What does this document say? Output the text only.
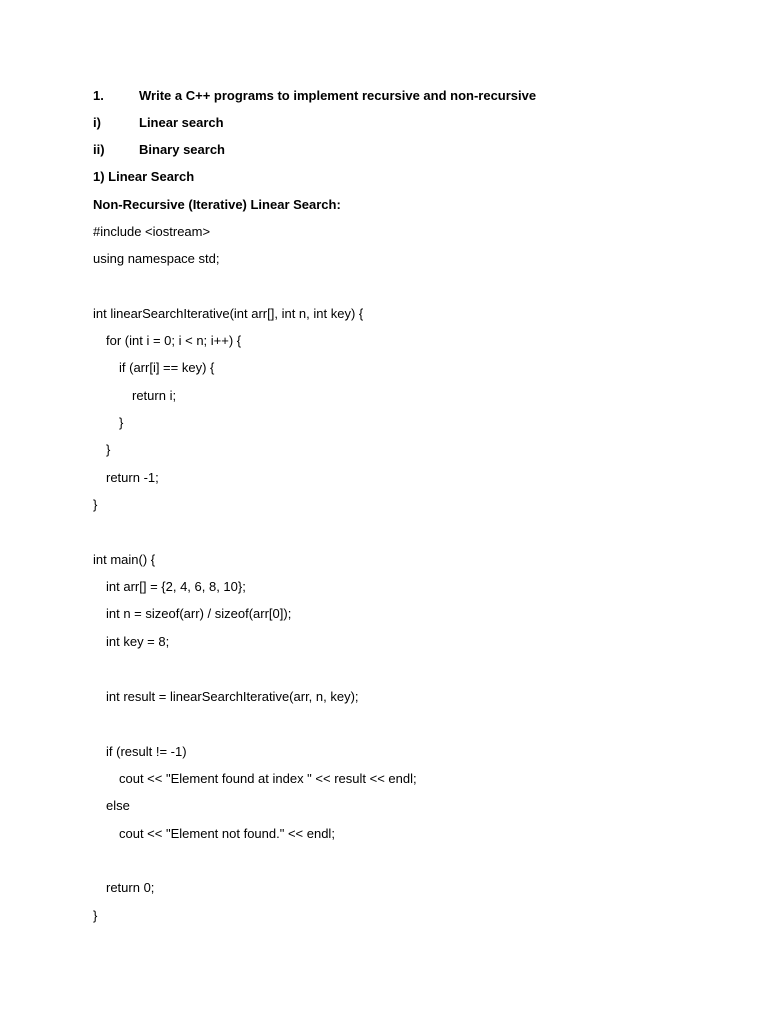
1.	Write a C++ programs to implement recursive and non-recursive
i)	Linear search
ii)	Binary search
1) Linear Search
Non-Recursive (Iterative) Linear Search:
#include <iostream>
using namespace std;
int linearSearchIterative(int arr[], int n, int key) {
for (int i = 0; i < n; i++) {
if (arr[i] == key) {
return i;
}
}
return -1;
}
int main() {
int arr[] = {2, 4, 6, 8, 10};
int n = sizeof(arr) / sizeof(arr[0]);
int key = 8;
int result = linearSearchIterative(arr, n, key);
if (result != -1)
cout << "Element found at index " << result << endl;
else
cout << "Element not found." << endl;
return 0;
}
